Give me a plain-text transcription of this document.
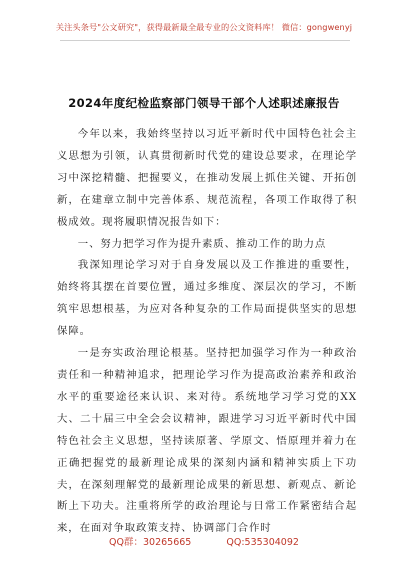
关注头条号"公文研究"，获得最新最全最专业的公文资料库！ 微信：gongwenyj
2024年度纪检监察部门领导干部个人述职述廉报告

今年以来，我始终坚持以习近平新时代中国特色社会主义思想为引领，认真贯彻新时代党的建设总要求，在理论学习中深挖精髓、把握要义，在推动发展上抓住关键、开拓创新，在建章立制中完善体系、规范流程，各项工作取得了积极成效。现将履职情况报告如下：

一、努力把学习作为提升素质、推动工作的助力点

我深知理论学习对于自身发展以及工作推进的重要性，始终将其摆在首要位置，通过多维度、深层次的学习，不断筑牢思想根基，为应对各种复杂的工作局面提供坚实的思想保障。

一是夯实政治理论根基。坚持把加强学习作为一种政治责任和一种精神追求，把理论学习作为提高政治素养和政治水平的重要途径来认识、来对待。系统地学习学习党的XX大、二十届三中全会会议精神，跟进学习习近平新时代中国特色社会主义思想，坚持读原著、学原文、悟原理并着力在正确把握党的最新理论成果的深刻内涵和精神实质上下功夫，在深刻理解党的最新理论成果的新思想、新观点、新论断上下功夫。注重将所学的政治理论与日常工作紧密结合起来，在面对争取政策支持、协调部门合作时

QQ群：30265665	QQ:535304092
